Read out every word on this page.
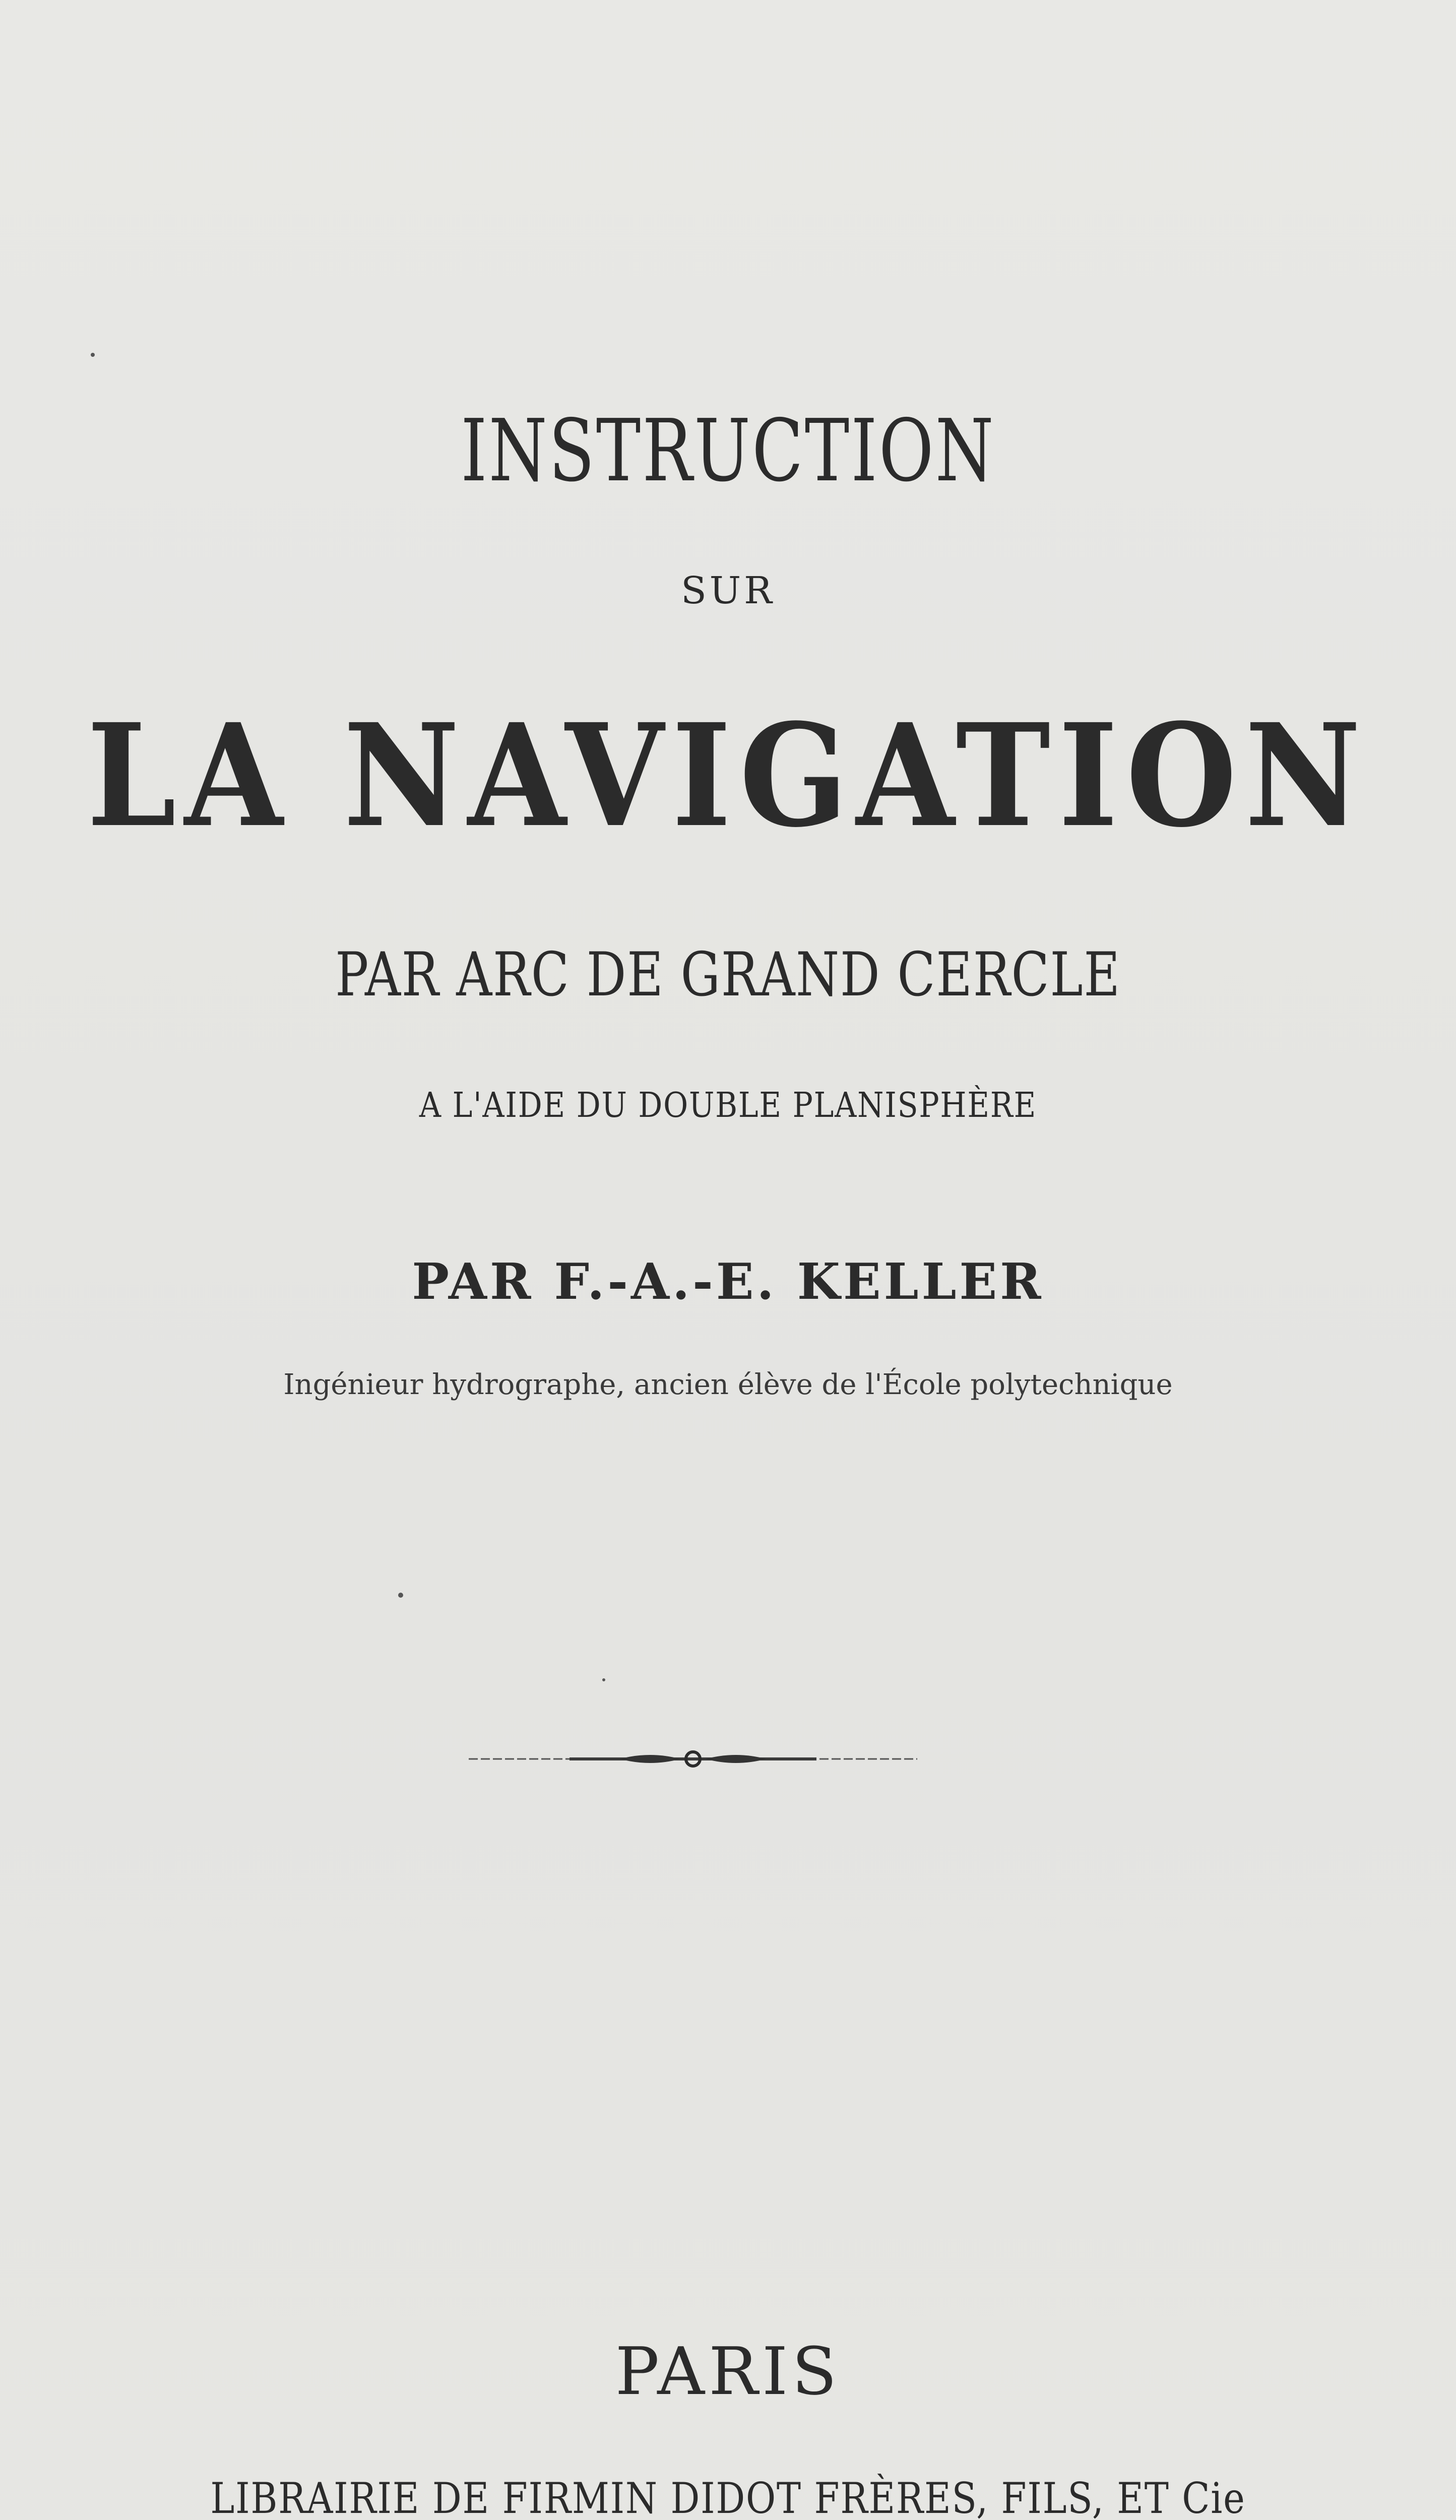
INSTRUCTION
SUR
LA NAVIGATION
PAR ARC DE GRAND CERCLE
A L'AIDE DU DOUBLE PLANISPHÈRE
PAR F.-A.-E. KELLER
Ingénieur hydrographe, ancien élève de l'École polytechnique
PARIS
LIBRAIRIE DE FIRMIN DIDOT FRÈRES, FILS, ET Cie
